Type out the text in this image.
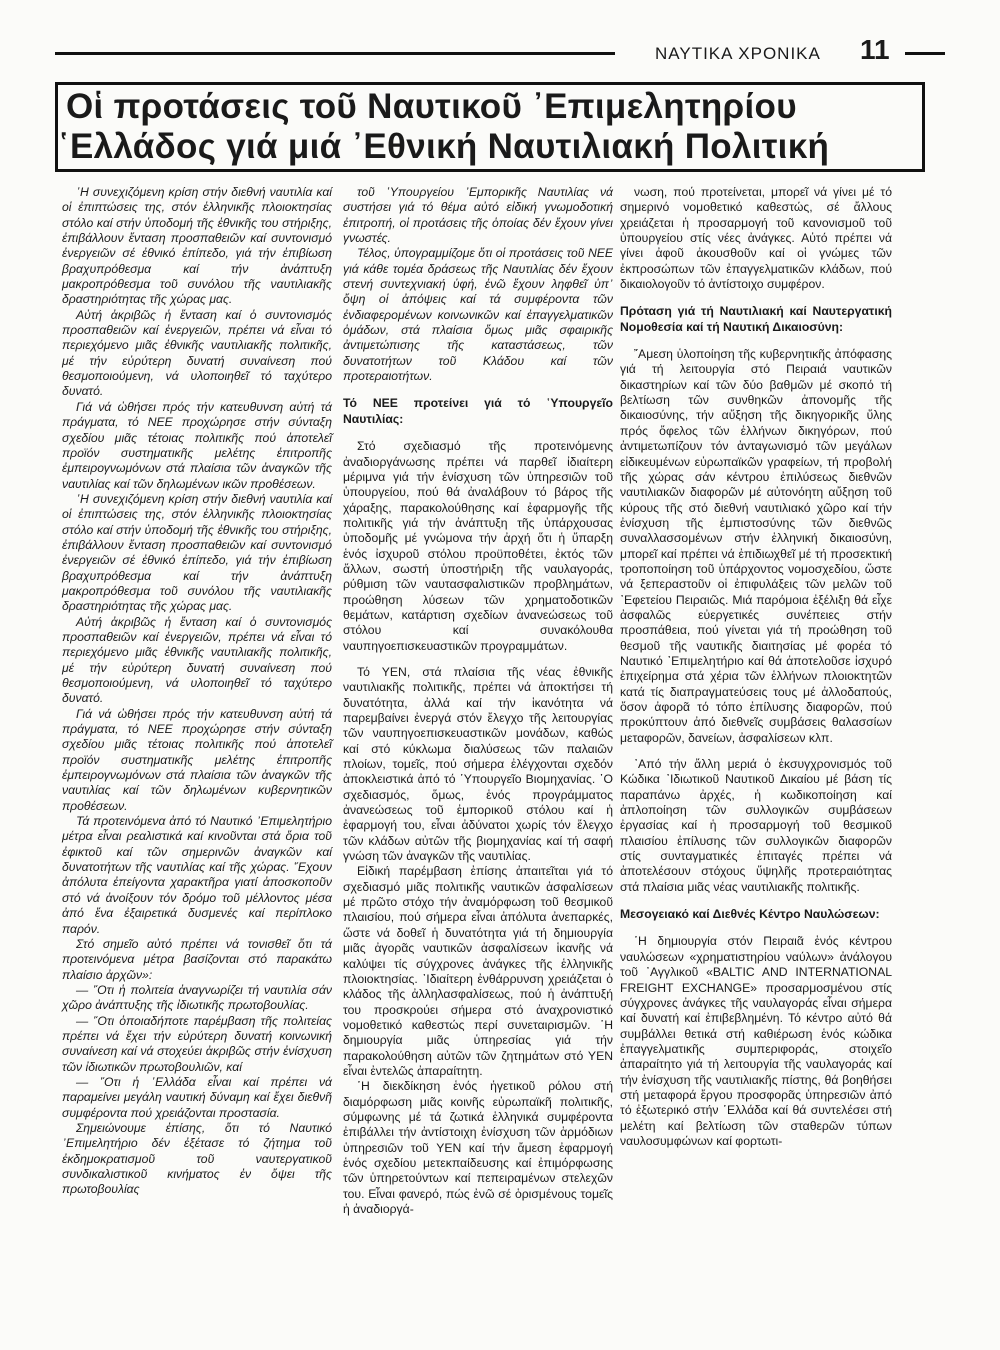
ΝΑΥΤΙΚΑ ΧΡΟΝΙΚΑ 11
Οἱ προτάσεις τοῦ Ναυτικοῦ ᾿Επιμελητηρίου
῾Ελλάδος γιά μιά ᾿Εθνική Ναυτιλιακή Πολιτική

῾Η συνεχιζόμενη κρίση στήν διεθνή ναυτιλία καί οἱ ἐπιπτώσεις της, στόν ἑλληνικῆς πλοιοκτησίας στόλο καί στήν ὑποδομή τῆς ἐθνικῆς του στήριξης, ἐπιβάλλουν ἔνταση προσπαθειῶν καί συντονισμό ἐνεργειῶν σέ ἐθνικό ἐπίπεδο, γιά τήν ἐπιβίωση βραχυπρόθεσμα καί τήν ἀνάπτυξη μακροπρόθεσμα τοῦ συνόλου τῆς ναυτιλιακῆς δραστηριότητας τῆς χώρας μας.

Αὐτή ἀκριβῶς ἡ ἔνταση καί ὁ συντονισμός προσπαθειῶν καί ἐνεργειῶν, πρέπει νά εἶναι τό περιεχόμενο μιᾶς ἐθνικῆς ναυτιλιακῆς πολιτικῆς, μέ τήν εὐρύτερη δυνατή συναίνεση πού θεσμοποιούμενη, νά υλοποιηθεῖ τό ταχύτερο δυνατό.

Γιά νά ὠθήσει πρός τήν κατευθυνση αὐτή τά πράγματα, τό ΝΕΕ προχώρησε στήν σύνταξη σχεδίου μιᾶς τέτοιας πολιτικῆς πού ἀποτελεῖ προϊόν συστηματικῆς μελέτης ἐπιτροπῆς ἐμπειρογνωμόνων στά πλαίσια τῶν ἀναγκῶν τῆς ναυτιλίας καί τῶν δηλωμένων ικῶν προθέσεων.

῾Η συνεχιζόμενη κρίση στήν διεθνή ναυτιλία καί οἱ ἐπιπτώσεις της, στόν ἑλληνικῆς πλοιοκτησίας στόλο καί στήν ὑποδομή τῆς ἐθνικῆς του στήριξης, ἐπιβάλλουν ἔνταση προσπαθειῶν καί συντονισμό ἐνεργειῶν σέ ἐθνικό ἐπίπεδο, γιά τήν ἐπιβίωση βραχυπρόθεσμα καί τήν ἀνάπτυξη μακροπρόθεσμα τοῦ συνόλου τῆς ναυτιλιακῆς δραστηριότητας τῆς χώρας μας.

Αὐτή ἀκριβῶς ἡ ἔνταση καί ὁ συντονισμός προσπαθειῶν καί ἐνεργειῶν, πρέπει νά εἶναι τό περιεχόμενο μιᾶς ἐθνικῆς ναυτιλιακῆς πολιτικῆς, μέ τήν εὐρύτερη δυνατή συναίνεση πού θεσμοποιούμενη, νά υλοποιηθεῖ τό ταχύτερο δυνατό.

Γιά νά ὠθήσει πρός τήν κατευθυνση αὐτή τά πράγματα, τό ΝΕΕ προχώρησε στήν σύνταξη σχεδίου μιᾶς τέτοιας πολιτικῆς πού ἀποτελεῖ προϊόν συστηματικῆς μελέτης ἐπιτροπῆς ἐμπειρογνωμόνων στά πλαίσια τῶν ἀναγκῶν τῆς ναυτιλίας καί τῶν δηλωμένων κυβερνητικῶν προθέσεων.

Τά προτεινόμενα ἀπό τό Ναυτικό ᾿Επιμελητήριο μέτρα εἶναι ρεαλιστικά καί κινοῦνται στά ὅρια τοῦ ἐφικτοῦ καί τῶν σημερινῶν ἀναγκῶν καί δυνατοτήτων τῆς ναυτιλίας καί τῆς χώρας. ῞Εχουν ἀπόλυτα ἐπείγοντα χαρακτῆρα γιατί ἀποσκοποῦν στό νά ἀνοίξουν τόν δρόμο τοῦ μέλλοντος μέσα ἀπό ἕνα ἐξαιρετικά δυσμενές καί περίπλοκο παρόν.

Στό σημεῖο αὐτό πρέπει νά τονισθεῖ ὅτι τά προτεινόμενα μέτρα βασίζονται στό παρακάτω πλαίσιο ἀρχῶν»:

— ῞Οτι ἡ πολιτεία ἀναγνωρίζει τή ναυτιλία σάν χῶρο ἀνάπτυξης τῆς ἰδιωτικῆς πρωτοβουλίας.

— ῞Οτι ὁποιαδήποτε παρέμβαση τῆς πολιτείας πρέπει νά ἔχει τήν εὐρύτερη δυνατή κοινωνική συναίνεση καί νά στοχεύει ἀκριβῶς στήν ἐνίσχυση τῶν ἰδιωτικῶν πρωτοβουλιῶν, καί

— ῞Οτι ἡ ῾Ελλάδα εἶναι καί πρέπει νά παραμείνει μεγάλη ναυτική δύναμη καί ἔχει διεθνῆ συμφέροντα πού χρειάζονται προστασία.

Σημειώνουμε ἐπίσης, ὅτι τό Ναυτικό ᾿Επιμελητήριο δέν ἐξέτασε τό ζήτημα τοῦ ἐκδημοκρατισμοῦ τοῦ ναυτεργατικοῦ συνδικαλιστικοῦ κινήματος ἐν ὄψει τῆς πρωτοβουλίας

τοῦ ῾Υπουργείου ᾿Εμπορικῆς Ναυτιλίας νά συστήσει γιά τό θέμα αὐτό εἰδική γνωμοδοτική ἐπιτροπή, οἱ προτάσεις τῆς ὁποίας δέν ἔχουν γίνει γνωστές.

Τέλος, ὑπογραμμίζομε ὅτι οἱ προτάσεις τοῦ ΝΕΕ γιά κάθε τομέα δράσεως τῆς Ναυτιλίας δέν ἔχουν στενή συντεχνιακή ὑφή, ἐνῶ ἔχουν ληφθεῖ ὑπ᾿ ὄψη οἱ ἀπόψεις καί τά συμφέροντα τῶν ἐνδιαφερομένων κοινωνικῶν καί ἐπαγγελματικῶν ὁμάδων, στά πλαίσια ὅμως μιᾶς σφαιρικῆς ἀντιμετώπισης τῆς καταστάσεως, τῶν δυνατοτήτων τοῦ Κλάδου καί τῶν προτεραιοτήτων.

Τό ΝΕΕ προτείνει γιά τό ῾Υπουργεῖο Ναυτιλίας:

Στό σχεδιασμό τῆς προτεινόμενης ἀναδιοργάνωσης πρέπει νά παρθεῖ ἰδιαίτερη μέριμνα γιά τήν ἐνίσχυση τῶν ὑπηρεσιῶν τοῦ ὑπουργείου, πού θά ἀναλάβουν τό βάρος τῆς χάραξης, παρακολούθησης καί ἐφαρμογῆς τῆς πολιτικῆς γιά τήν ἀνάπτυξη τῆς ὑπάρχουσας ὑποδομῆς μέ γνώμονα τήν ἀρχή ὅτι ἡ ὕπαρξη ἑνός ἰσχυροῦ στόλου προϋποθέτει, ἐκτός τῶν ἄλλων, σωστή ὑποστήριξη τῆς ναυλαγοράς, ρύθμιση τῶν ναυτασφαλιστικῶν προβλημάτων, προώθηση λύσεων τῶν χρηματοδοτικῶν θεμάτων, κατάρτιση σχεδίων ἀνανεώσεως τοῦ στόλου καί συνακόλουθα ναυπηγοεπισκευαστικῶν προγραμμάτων.

Τό ΥΕΝ, στά πλαίσια τῆς νέας ἐθνικῆς ναυτιλιακῆς πολιτικῆς, πρέπει νά ἀποκτήσει τή δυνατότητα, ἀλλά καί τήν ἱκανότητα νά παρεμβαίνει ἐνεργά στόν ἔλεγχο τῆς λειτουργίας τῶν ναυπηγοεπισκευαστικῶν μονάδων, καθώς καί στό κύκλωμα διαλύσεως τῶν παλαιῶν πλοίων, τομεῖς, πού σήμερα ἐλέγχονται σχεδόν ἀποκλειστικά ἀπό τό ῾Υπουργεῖο Βιομηχανίας. ῾Ο σχεδιασμός, ὅμως, ἑνός προγράμματος ἀνανεώσεως τοῦ ἐμπορικοῦ στόλου καί ἡ ἐφαρμογή του, εἶναι ἀδύνατοι χωρίς τόν ἔλεγχο τῶν κλάδων αὐτῶν τῆς βιομηχανίας καί τή σαφή γνώση τῶν ἀναγκῶν τῆς ναυτιλίας.

Εἰδική παρέμβαση ἐπίσης ἀπαιτεῖται γιά τό σχεδιασμό μιᾶς πολιτικῆς ναυτικῶν ἀσφαλίσεων μέ πρῶτο στόχο τήν ἀναμόρφωση τοῦ θεσμικοῦ πλαισίου, πού σήμερα εἶναι ἀπόλυτα ἀνεπαρκές, ὥστε νά δοθεῖ ἡ δυνατότητα γιά τή δημιουργία μιᾶς ἀγορᾶς ναυτικῶν ἀσφαλίσεων ἱκανῆς νά καλύψει τίς σύγχρονες ἀνάγκες τῆς ἑλληνικῆς πλοιοκτησίας. ᾿Ιδιαίτερη ἐνθάρρυνση χρειάζεται ὁ κλάδος τῆς ἀλληλασφαλίσεως, πού ἡ ἀνάπτυξή του προσκρούει σήμερα στό ἀναχρονιστικό νομοθετικό καθεστώς περί συνεταιρισμῶν. ῾Η δημιουργία μιᾶς ὑπηρεσίας γιά τήν παρακολούθηση αὐτῶν τῶν ζητημάτων στό ΥΕΝ εἶναι ἐντελῶς ἀπαραίτητη.

῾Η διεκδίκηση ἑνός ἡγετικοῦ ρόλου στή διαμόρφωση μιᾶς κοινῆς εὐρωπαϊκῆ πολιτικῆς, σύμφωνης μέ τά ζωτικά ἑλληνικά συμφέροντα ἐπιβάλλει τήν ἀντίστοιχη ἐνίσχυση τῶν ἁρμόδιων ὑπηρεσιῶν τοῦ ΥΕΝ καί τήν ἄμεση ἐφαρμογή ἑνός σχεδίου μετεκπαίδευσης καί ἐπιμόρφωσης τῶν ὑπηρετούντων καί πεπειραμένων στελεχῶν του. Εἶναι φανερό, πώς ἐνῶ σέ ὁρισμένους τομεῖς ἡ ἀναδιοργά-

νωση, πού προτείνεται, μπορεῖ νά γίνει μέ τό σημερινό νομοθετικό καθεστώς, σέ ἄλλους χρειάζεται ἡ προσαρμογή τοῦ κανονισμοῦ τοῦ ὑπουργείου στίς νέες ἀνάγκες. Αὐτό πρέπει νά γίνει ἀφοῦ ἀκουσθοῦν καί οἱ γνώμες τῶν ἐκπροσώπων τῶν ἐπαγγελματικῶν κλάδων, πού δικαιολογοῦν τό ἀντίστοιχο συμφέρον.

Πρόταση γιά τή Ναυτιλιακή καί Ναυτεργατική Νομοθεσία καί τή Ναυτική Δικαιοσύνη:

῎Αμεση ὑλοποίηση τῆς κυβερνητικῆς ἀπόφασης γιά τή λειτουργία στό Πειραιά ναυτικῶν δικαστηρίων καί τῶν δύο βαθμῶν μέ σκοπό τή βελτίωση τῶν συνθηκῶν ἀπονομῆς τῆς δικαιοσύνης, τήν αὔξηση τῆς δικηγορικῆς ὕλης πρός ὄφελος τῶν ἑλλήνων δικηγόρων, πού ἀντιμετωπίζουν τόν ἀνταγωνισμό τῶν μεγάλων εἰδικευμένων εὐρωπαϊκῶν γραφείων, τή προβολή τῆς χώρας σάν κέντρου ἐπιλύσεως διεθνῶν ναυτιλιακῶν διαφορῶν μέ αὐτονόητη αὔξηση τοῦ κύρους τῆς στό διεθνή ναυτιλιακό χῶρο καί τήν ἐνίσχυση τῆς ἐμπιστοσύνης τῶν διεθνῶς συναλλασσομένων στήν ἑλληνική δικαιοσύνη, μπορεῖ καί πρέπει νά ἐπιδιωχθεῖ μέ τή προσεκτική τροποποίηση τοῦ ὑπάρχοντος νομοσχεδίου, ὥστε νά ξεπεραστοῦν οἱ ἐπιφυλάξεις τῶν μελῶν τοῦ ᾿Εφετείου Πειραιῶς. Μιά παρόμοια ἐξέλιξη θά εἶχε ἀσφαλῶς εὐεργετικές συνέπειες στήν προσπάθεια, πού γίνεται γιά τή προώθηση τοῦ θεσμοῦ τῆς ναυτικῆς διαιτησίας μέ φορέα τό Ναυτικό ᾿Επιμελητήριο καί θά ἀποτελοῦσε ἰσχυρό ἐπιχείρημα στά χέρια τῶν ἑλλήνων πλοιοκτητῶν κατά τίς διαπραγματεύσεις τους μέ ἀλλοδαπούς, ὅσον ἀφορᾶ τό τόπο ἐπίλυσης διαφορῶν, πού προκύπτουν ἀπό διεθνεῖς συμβάσεις θαλασσίων μεταφορῶν, δανείων, ἀσφαλίσεων κλπ.

᾿Από τήν ἄλλη μεριά ὁ ἐκσυγχρονισμός τοῦ Κώδικα ᾿Ιδιωτικοῦ Ναυτικοῦ Δικαίου μέ βάση τίς παραπάνω ἀρχές, ἡ κωδικοποίηση καί ἀπλοποίηση τῶν συλλογικῶν συμβάσεων ἐργασίας καί ἡ προσαρμογή τοῦ θεσμικοῦ πλαισίου ἐπίλυσης τῶν συλλογικῶν διαφορῶν στίς συνταγματικές ἐπιταγές πρέπει νά ἀποτελέσουν στόχους ὕψηλῆς προτεραιότητας στά πλαίσια μιᾶς νέας ναυτιλιακῆς πολιτικῆς.

Μεσογειακό καί Διεθνές Κέντρο Ναυλώσεων:

῾Η δημιουργία στόν Πειραιᾶ ἑνός κέντρου ναυλώσεων «χρηματιστηρίου ναύλων» ἀνάλογου τοῦ ᾿Αγγλικοῦ «BALTIC AND INTERNATIONAL FREIGHT EXCHANGE» προσαρμοσμένου στίς σύγχρονες ἀνάγκες τῆς ναυλαγοράς εἶναι σήμερα καί δυνατή καί ἐπιβεβλημένη. Τό κέντρο αὐτό θά συμβάλλει θετικά στή καθιέρωση ἑνός κώδικα ἐπαγγελματικῆς συμπεριφοράς, στοιχεῖο ἀπαραίτητο γιά τή λειτουργία τῆς ναυλαγοράς καί τήν ἐνίσχυση τῆς ναυτιλιακῆς πίστης, θά βοηθήσει στή μεταφορά ἔργου προσφορᾶς ὑπηρεσιῶν ἀπό τό ἐξωτερικό στήν ῾Ελλάδα καί θά συντελέσει στή μελέτη καί βελτίωση τῶν σταθερῶν τύπων ναυλοσυμφώνων καί φορτωτι-
